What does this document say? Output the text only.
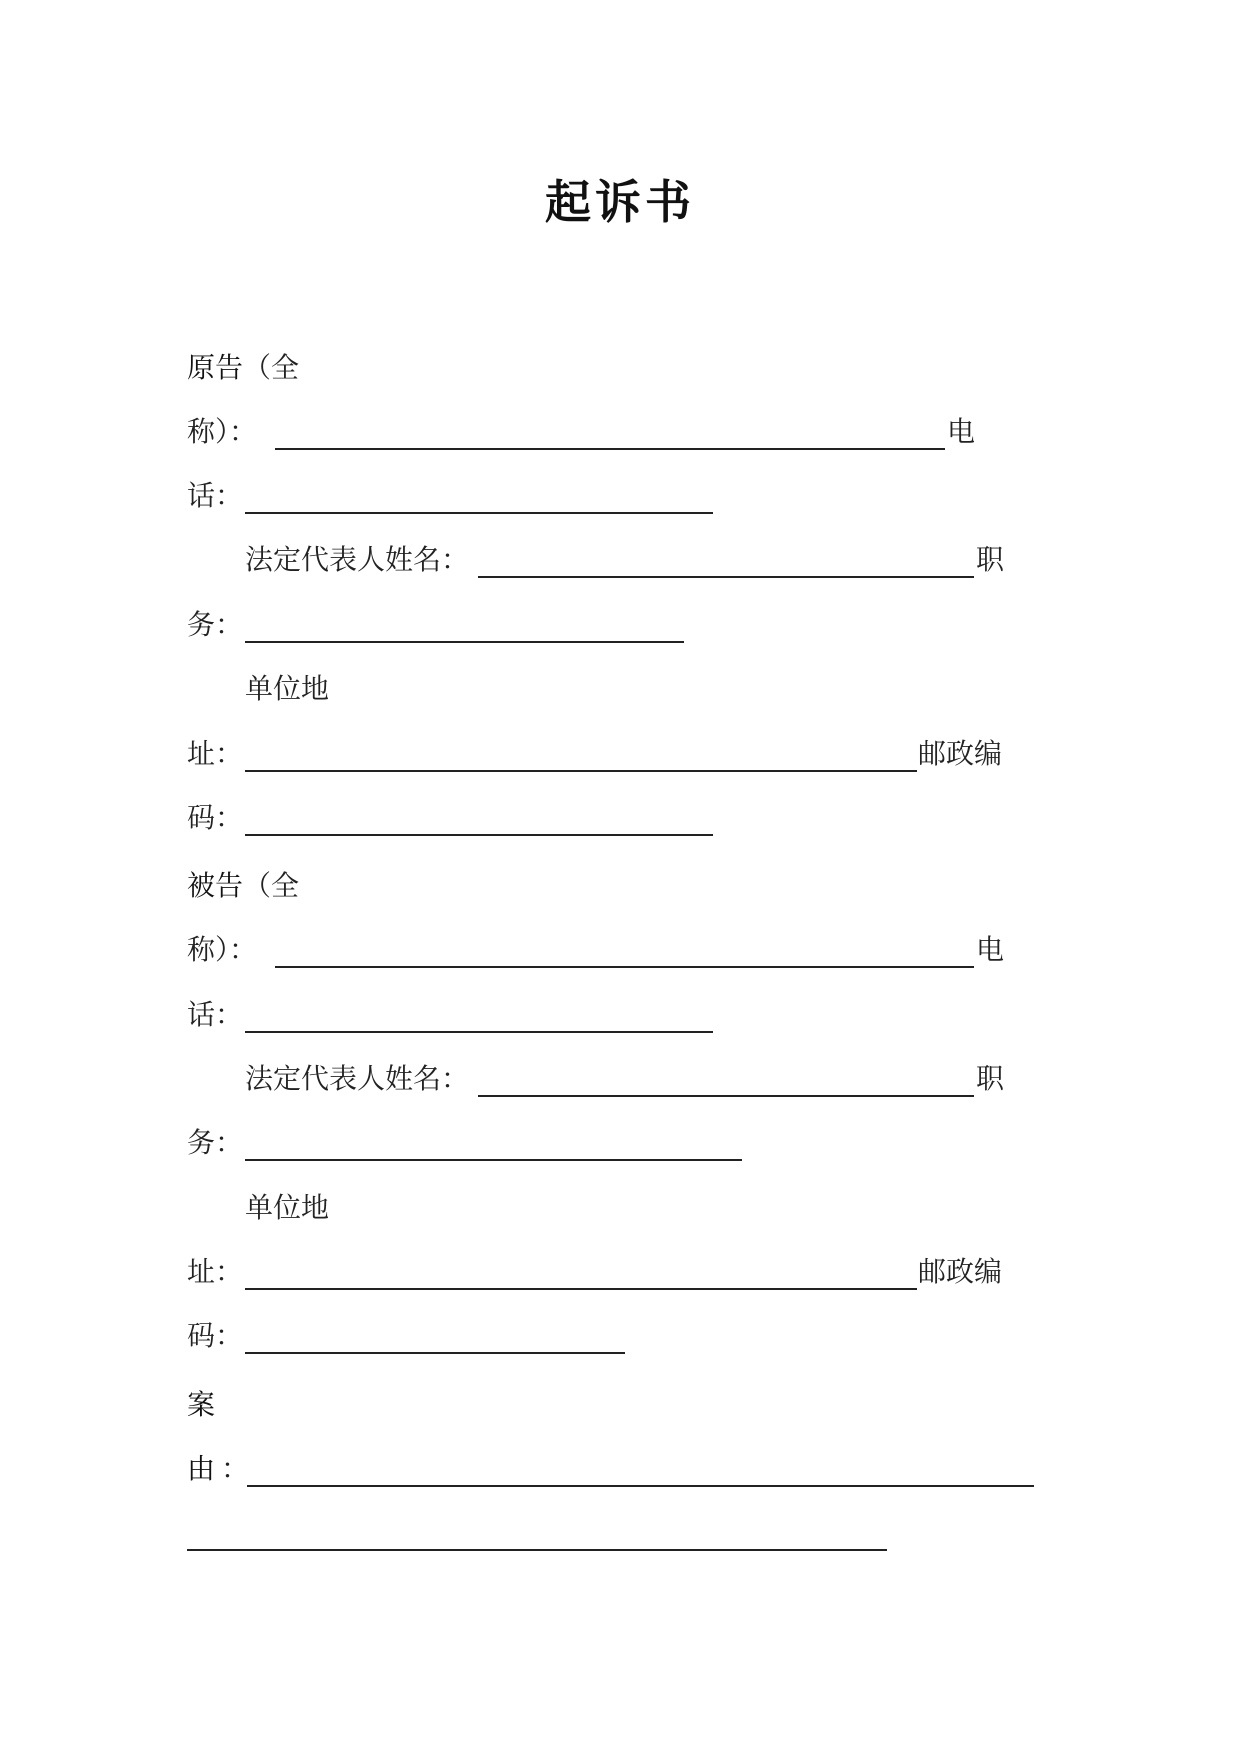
起诉书
原告 （全
称）：	电
话：
法定代表人姓名：	职
务：
单位地
址：	邮政编
码：
被告 （全
称）：	电
话：
法定代表人姓名：	职
务：
单位地
址：	邮政编
码：
案
由 ：
